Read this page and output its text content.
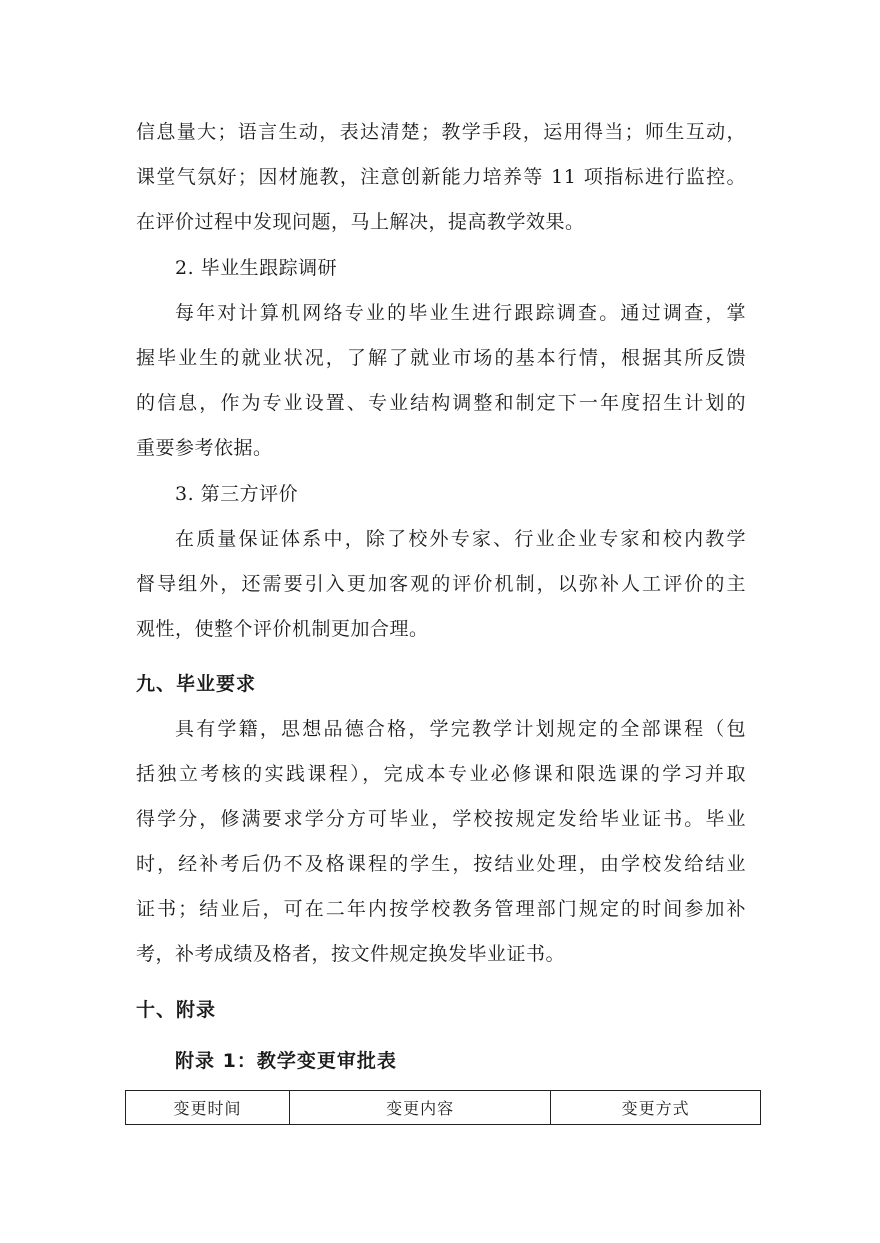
信息量大；语言生动，表达清楚；教学手段，运用得当；师生互动，
课堂气氛好；因材施教，注意创新能力培养等 11 项指标进行监控。
在评价过程中发现问题，马上解决，提高教学效果。
2. 毕业生跟踪调研
每年对计算机网络专业的毕业生进行跟踪调查。通过调查，掌
握毕业生的就业状况，了解了就业市场的基本行情，根据其所反馈
的信息，作为专业设置、专业结构调整和制定下一年度招生计划的
重要参考依据。
3. 第三方评价
在质量保证体系中，除了校外专家、行业企业专家和校内教学
督导组外，还需要引入更加客观的评价机制，以弥补人工评价的主
观性，使整个评价机制更加合理。
九、毕业要求
具有学籍，思想品德合格，学完教学计划规定的全部课程（包
括独立考核的实践课程），完成本专业必修课和限选课的学习并取
得学分，修满要求学分方可毕业，学校按规定发给毕业证书。毕业
时，经补考后仍不及格课程的学生，按结业处理，由学校发给结业
证书；结业后，可在二年内按学校教务管理部门规定的时间参加补
考，补考成绩及格者，按文件规定换发毕业证书。
十、附录
附录 1：教学变更审批表
变更时间	变更内容	变更方式
